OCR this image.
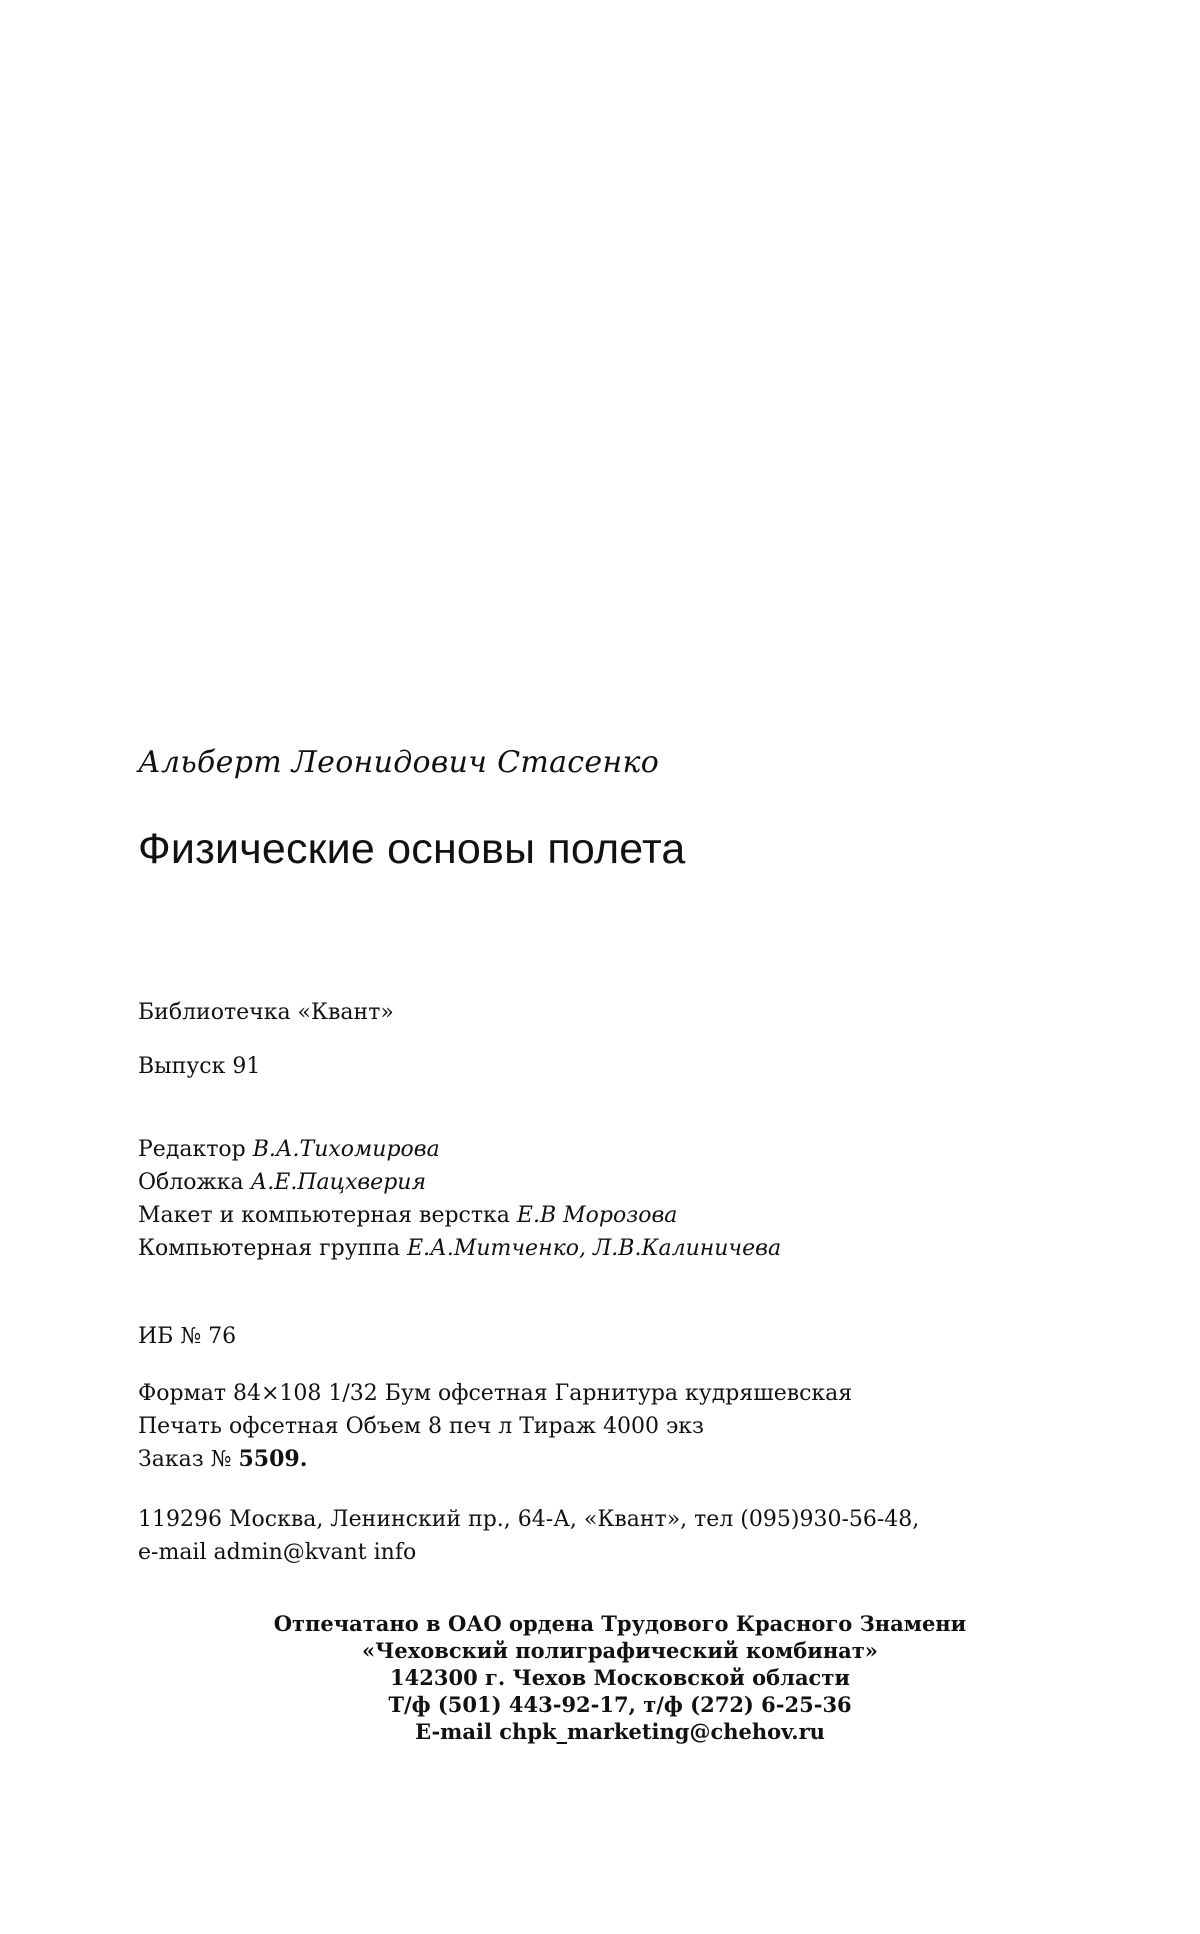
Альберт Леонидович Стасенко
Физические основы полета
Библиотечка «Квант»
Выпуск 91
Редактор В.А.Тихомирова
Обложка А.Е.Пацхверия
Макет и компьютерная верстка Е.В Морозова
Компьютерная группа Е.А.Митченко, Л.В.Калиничева
ИБ № 76
Формат 84×108 1/32 Бум офсетная Гарнитура кудряшевская
Печать офсетная Объем 8 печ л Тираж 4000 экз
Заказ № 5509.
119296 Москва, Ленинский пр., 64-А, «Квант», тел (095)930-56-48,
e-mail admin@kvant info
Отпечатано в ОАО ордена Трудового Красного Знамени
«Чеховский полиграфический комбинат»
142300 г. Чехов Московской области
Т/ф (501) 443-92-17, т/ф (272) 6-25-36
E-mail chpk_marketing@chehov.ru
